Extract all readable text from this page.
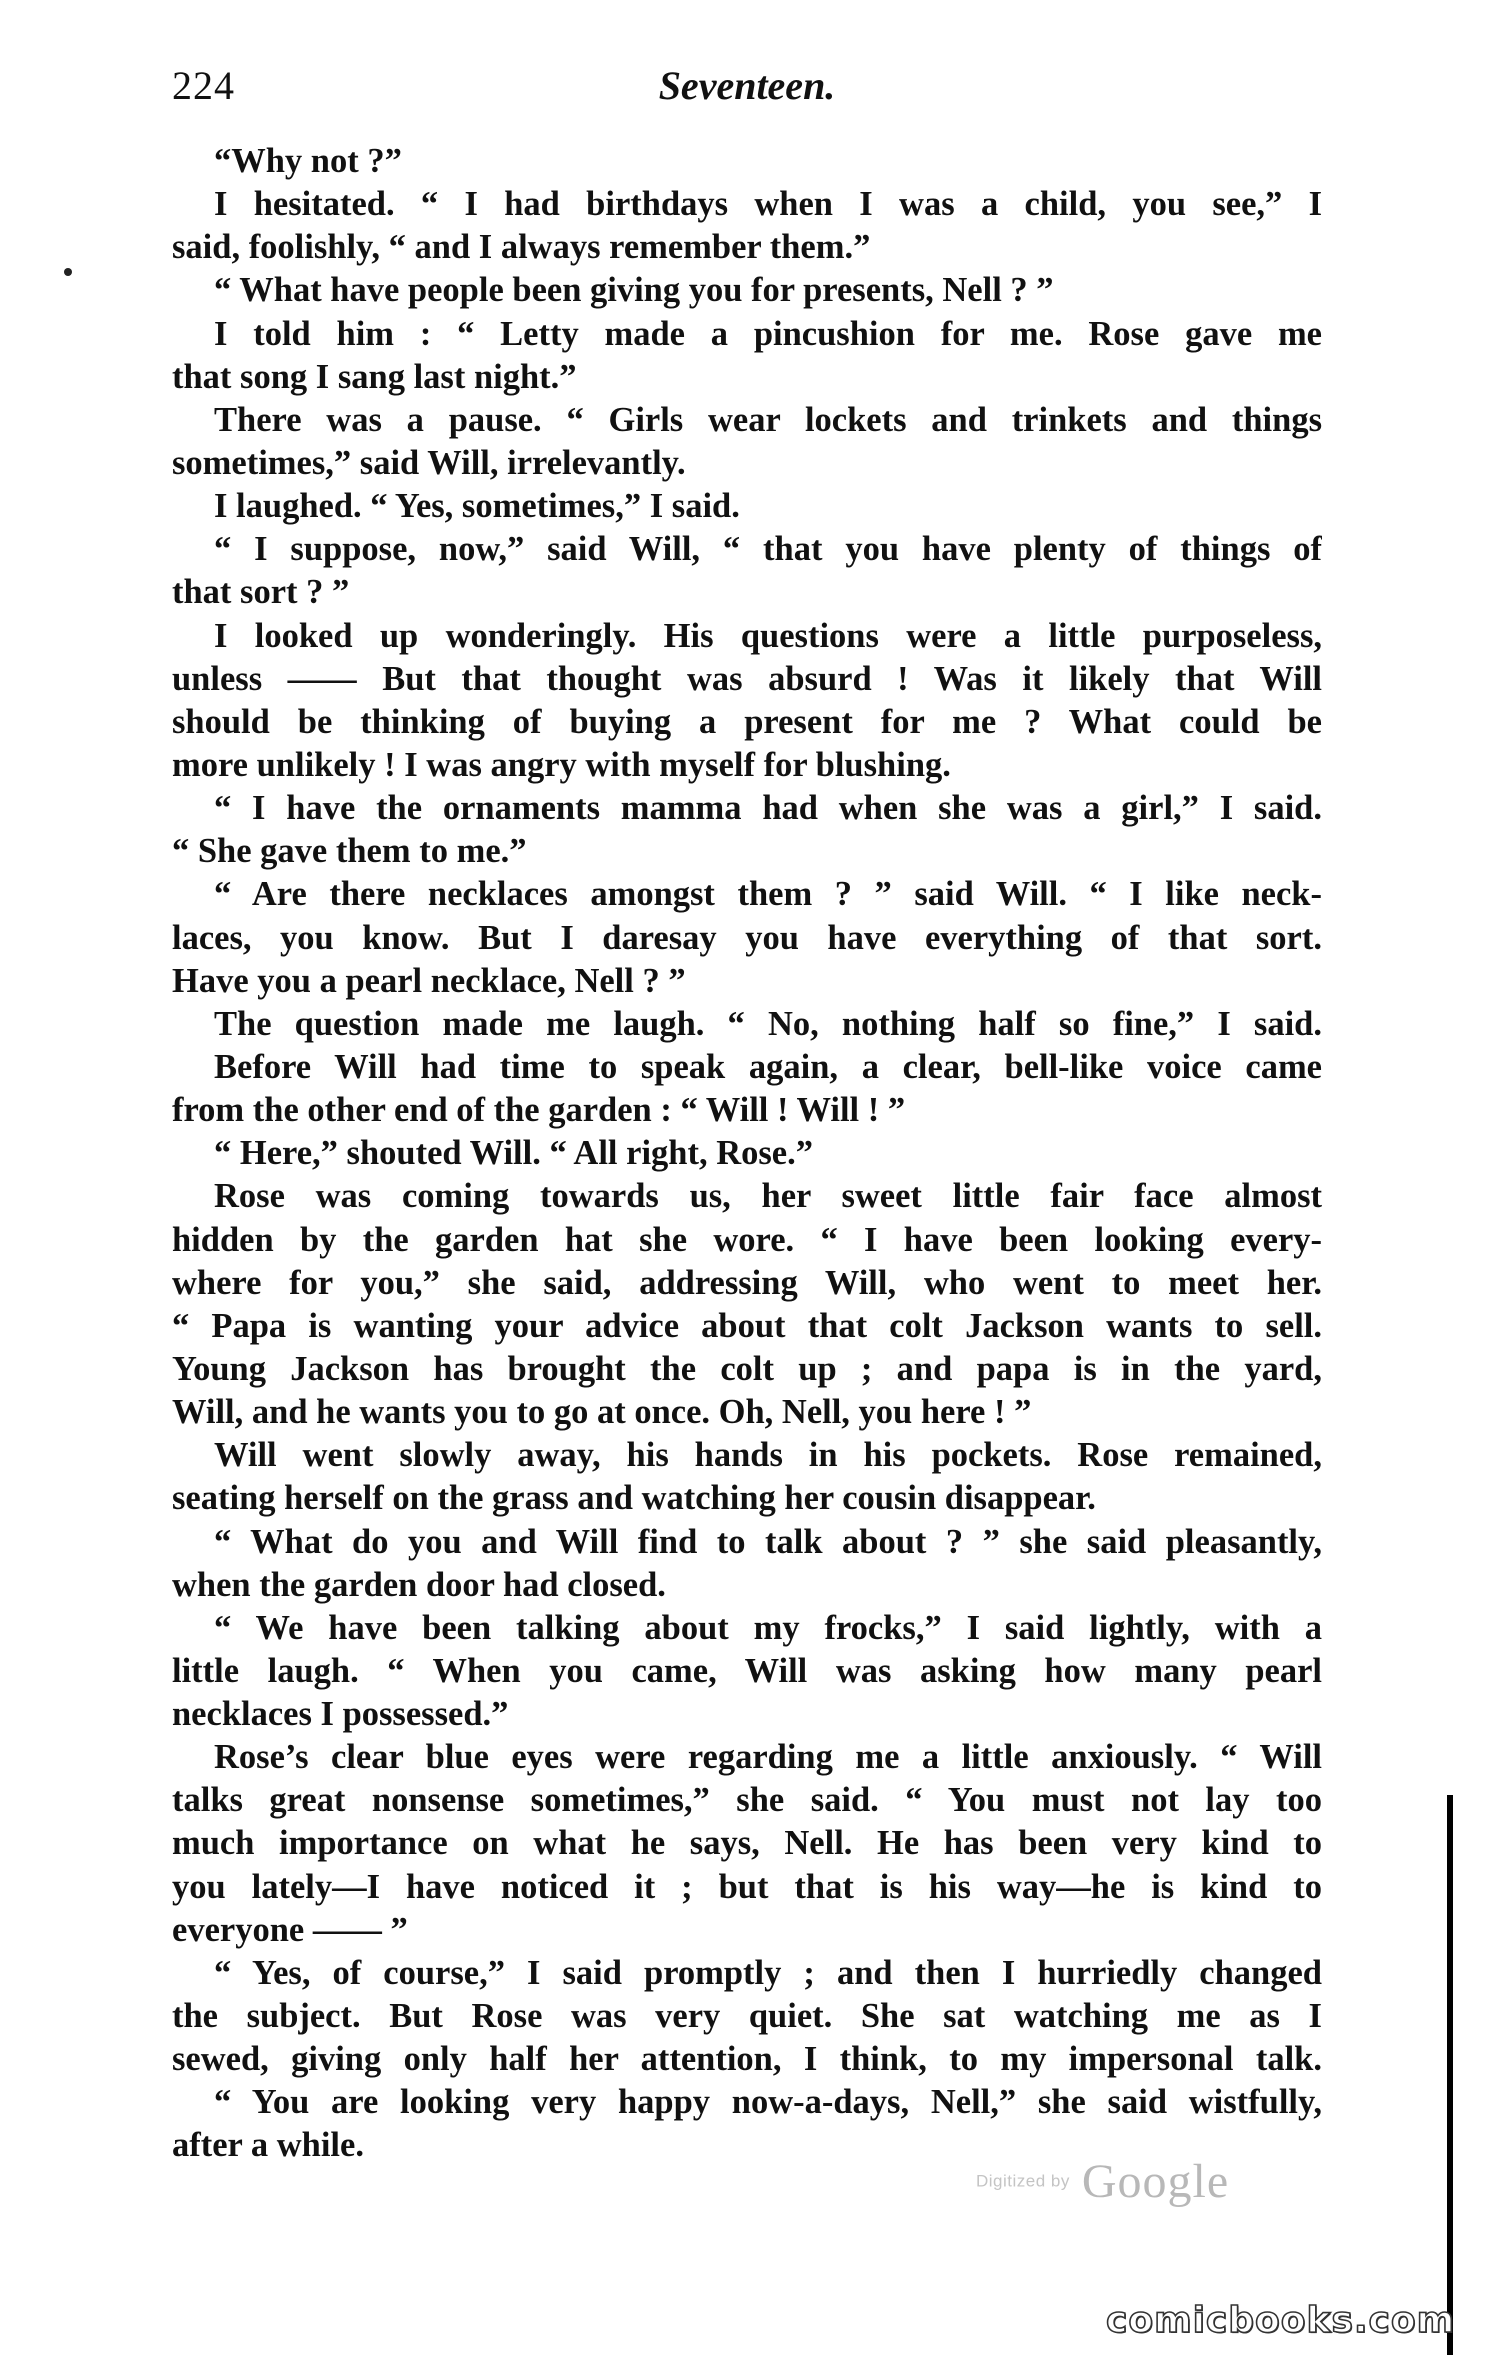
224	Seventeen.
“Why not ?”
I hesitated. “ I had birthdays when I was a child, you see,” I
said, foolishly, “ and I always remember them.”
“ What have people been giving you for presents, Nell ? ”
I told him : “ Letty made a pincushion for me. Rose gave me
that song I sang last night.”
There was a pause. “ Girls wear lockets and trinkets and things
sometimes,” said Will, irrelevantly.
I laughed. “ Yes, sometimes,” I said.
“ I suppose, now,” said Will, “ that you have plenty of things of
that sort ? ”
I looked up wonderingly. His questions were a little purposeless,
unless —— But that thought was absurd ! Was it likely that Will
should be thinking of buying a present for me ? What could be
more unlikely ! I was angry with myself for blushing.
“ I have the ornaments mamma had when she was a girl,” I said.
“ She gave them to me.”
“ Are there necklaces amongst them ? ” said Will. “ I like neck-
laces, you know. But I daresay you have everything of that sort.
Have you a pearl necklace, Nell ? ”
The question made me laugh. “ No, nothing half so fine,” I said.
Before Will had time to speak again, a clear, bell-like voice came
from the other end of the garden : “ Will ! Will ! ”
“ Here,” shouted Will. “ All right, Rose.”
Rose was coming towards us, her sweet little fair face almost
hidden by the garden hat she wore. “ I have been looking every-
where for you,” she said, addressing Will, who went to meet her.
“ Papa is wanting your advice about that colt Jackson wants to sell.
Young Jackson has brought the colt up ; and papa is in the yard,
Will, and he wants you to go at once. Oh, Nell, you here ! ”
Will went slowly away, his hands in his pockets. Rose remained,
seating herself on the grass and watching her cousin disappear.
“ What do you and Will find to talk about ? ” she said pleasantly,
when the garden door had closed.
“ We have been talking about my frocks,” I said lightly, with a
little laugh. “ When you came, Will was asking how many pearl
necklaces I possessed.”
Rose’s clear blue eyes were regarding me a little anxiously. “ Will
talks great nonsense sometimes,” she said. “ You must not lay too
much importance on what he says, Nell. He has been very kind to
you lately—I have noticed it ; but that is his way—he is kind to
everyone —— ”
“ Yes, of course,” I said promptly ; and then I hurriedly changed
the subject. But Rose was very quiet. She sat watching me as I
sewed, giving only half her attention, I think, to my impersonal talk.
“ You are looking very happy now-a-days, Nell,” she said wistfully,
after a while.
Digitized by Google
comicbooks.com
